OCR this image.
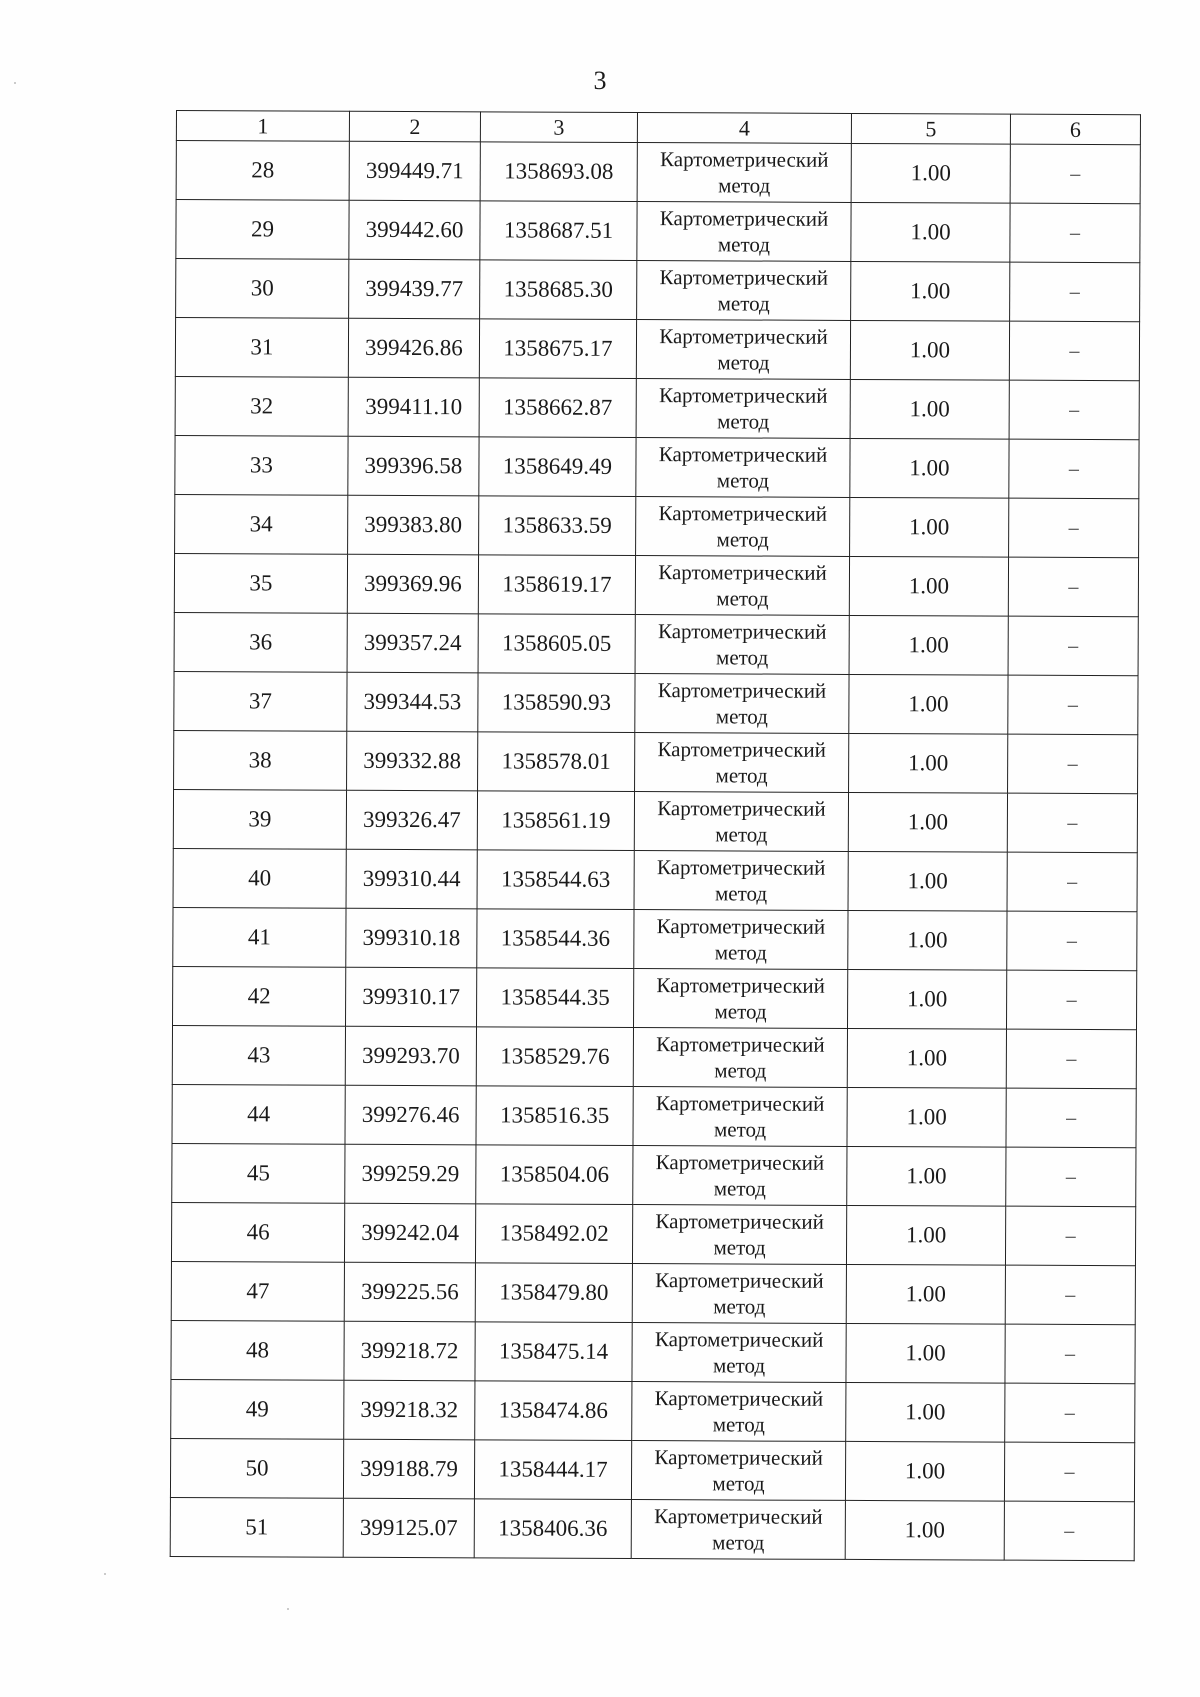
3
1	2	3	4	5	6
28	399449.71	1358693.08	Картометрический
метод	1.00	–
29	399442.60	1358687.51	Картометрический
метод	1.00	–
30	399439.77	1358685.30	Картометрический
метод	1.00	–
31	399426.86	1358675.17	Картометрический
метод	1.00	–
32	399411.10	1358662.87	Картометрический
метод	1.00	–
33	399396.58	1358649.49	Картометрический
метод	1.00	–
34	399383.80	1358633.59	Картометрический
метод	1.00	–
35	399369.96	1358619.17	Картометрический
метод	1.00	–
36	399357.24	1358605.05	Картометрический
метод	1.00	–
37	399344.53	1358590.93	Картометрический
метод	1.00	–
38	399332.88	1358578.01	Картометрический
метод	1.00	–
39	399326.47	1358561.19	Картометрический
метод	1.00	–
40	399310.44	1358544.63	Картометрический
метод	1.00	–
41	399310.18	1358544.36	Картометрический
метод	1.00	–
42	399310.17	1358544.35	Картометрический
метод	1.00	–
43	399293.70	1358529.76	Картометрический
метод	1.00	–
44	399276.46	1358516.35	Картометрический
метод	1.00	–
45	399259.29	1358504.06	Картометрический
метод	1.00	–
46	399242.04	1358492.02	Картометрический
метод	1.00	–
47	399225.56	1358479.80	Картометрический
метод	1.00	–
48	399218.72	1358475.14	Картометрический
метод	1.00	–
49	399218.32	1358474.86	Картометрический
метод	1.00	–
50	399188.79	1358444.17	Картометрический
метод	1.00	–
51	399125.07	1358406.36	Картометрический
метод	1.00	–
